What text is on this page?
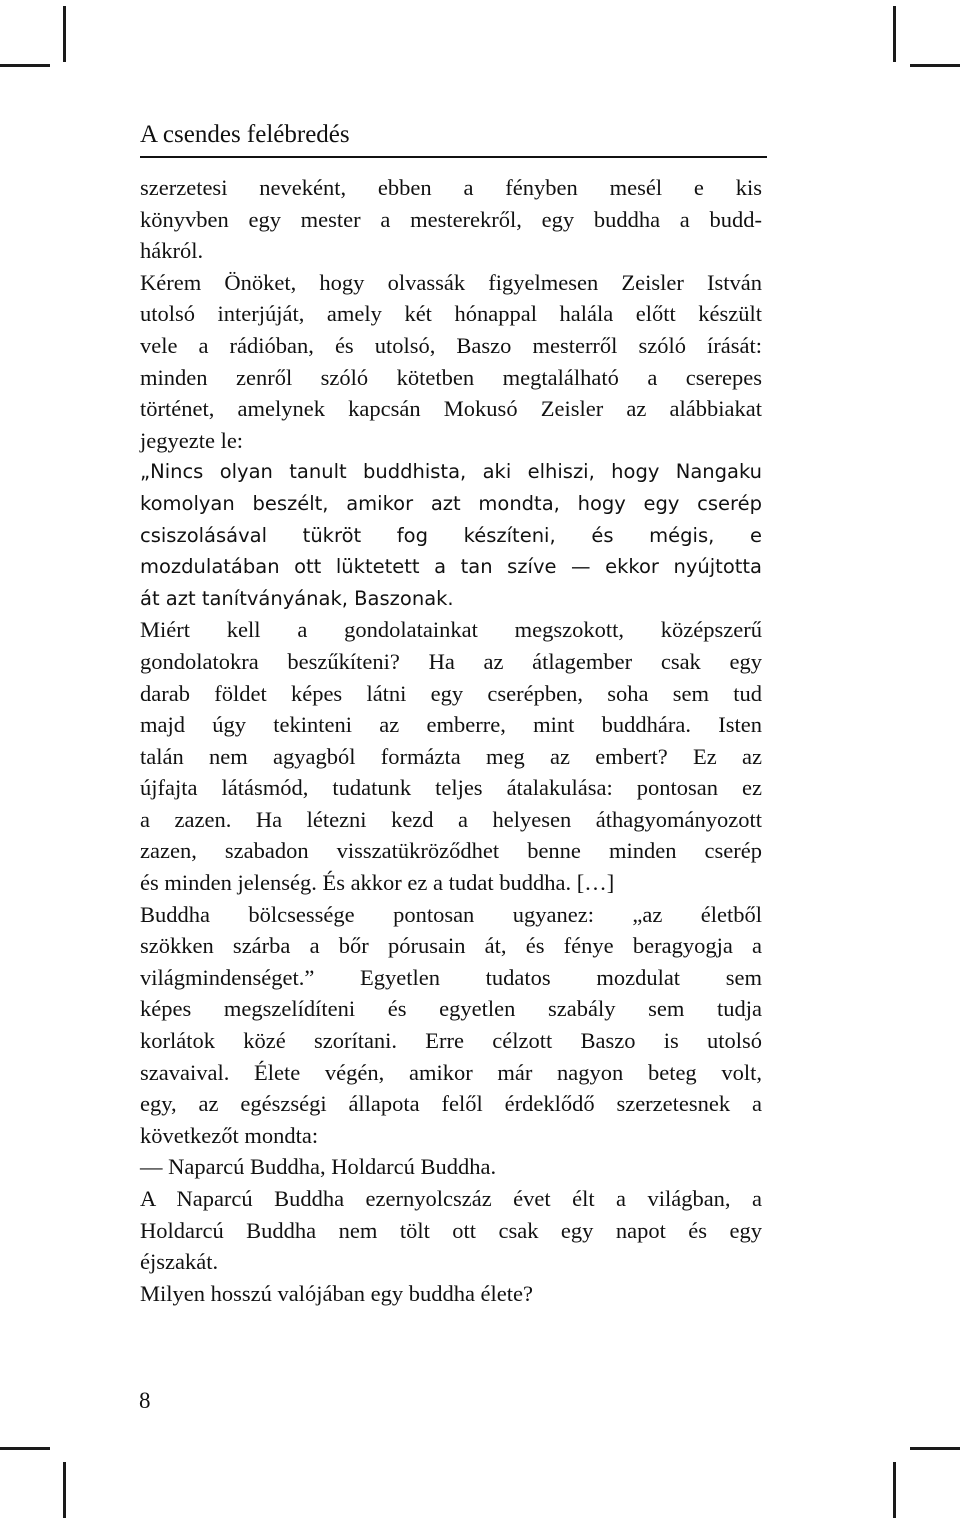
A csendes felébredés
szerzetesi neveként, ebben a fényben mesél e kis
könyvben egy mester a mesterekről, egy buddha a budd-
hákról.
Kérem Önöket, hogy olvassák figyelmesen Zeisler István
utolsó interjúját, amely két hónappal halála előtt készült
vele a rádióban, és utolsó, Baszo mesterről szóló írását:
minden zenről szóló kötetben megtalálható a cserepes
történet, amelynek kapcsán Mokusó Zeisler az alábbiakat
jegyezte le:
„Nincs olyan tanult buddhista, aki elhiszi, hogy Nangaku
komolyan beszélt, amikor azt mondta, hogy egy cserép
csiszolásával tükröt fog készíteni, és mégis, e
mozdulatában ott lüktetett a tan szíve — ekkor nyújtotta
át azt tanítványának, Baszonak.
Miért kell a gondolatainkat megszokott, középszerű
gondolatokra beszűkíteni? Ha az átlagember csak egy
darab földet képes látni egy cserépben, soha sem tud
majd úgy tekinteni az emberre, mint buddhára. Isten
talán nem agyagból formázta meg az embert? Ez az
újfajta látásmód, tudatunk teljes átalakulása: pontosan ez
a zazen. Ha létezni kezd a helyesen áthagyományozott
zazen, szabadon visszatükröződhet benne minden cserép
és minden jelenség. És akkor ez a tudat buddha. […]
Buddha bölcsessége pontosan ugyanez: „az életből
szökken szárba a bőr pórusain át, és fénye beragyogja a
világmindenséget.” Egyetlen tudatos mozdulat sem
képes megszelídíteni és egyetlen szabály sem tudja
korlátok közé szorítani. Erre célzott Baszo is utolsó
szavaival. Élete végén, amikor már nagyon beteg volt,
egy, az egészségi állapota felől érdeklődő szerzetesnek a
következőt mondta:
— Naparcú Buddha, Holdarcú Buddha.
A Naparcú Buddha ezernyolcszáz évet élt a világban, a
Holdarcú Buddha nem tölt ott csak egy napot és egy
éjszakát.
Milyen hosszú valójában egy buddha élete?
8
